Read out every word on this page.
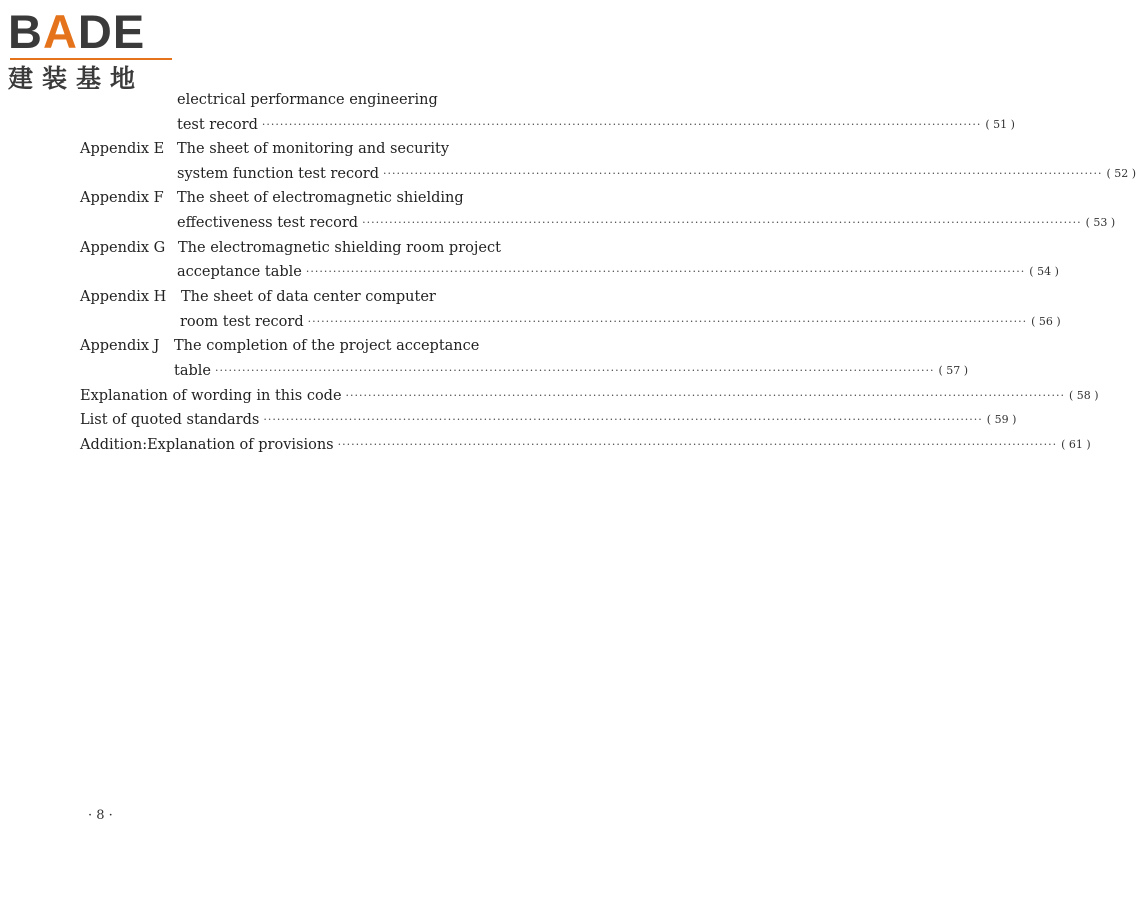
BADE
建装基地
electrical performance engineering
test record ································································································································································ ( 51 )
Appendix E The sheet of monitoring and security
system function test record ································································································································································ ( 52 )
Appendix F The sheet of electromagnetic shielding
effectiveness test record ································································································································································ ( 53 )
Appendix G The electromagnetic shielding room project
acceptance table ································································································································································ ( 54 )
Appendix H	The sheet of data center computer
room test record ································································································································································ ( 56 )
Appendix J	The completion of the project acceptance
table ································································································································································ ( 57 )
Explanation of wording in this code ································································································································································ ( 58 )
List of quoted standards ································································································································································ ( 59 )
Addition:Explanation of provisions ································································································································································ ( 61 )
· 8 ·
